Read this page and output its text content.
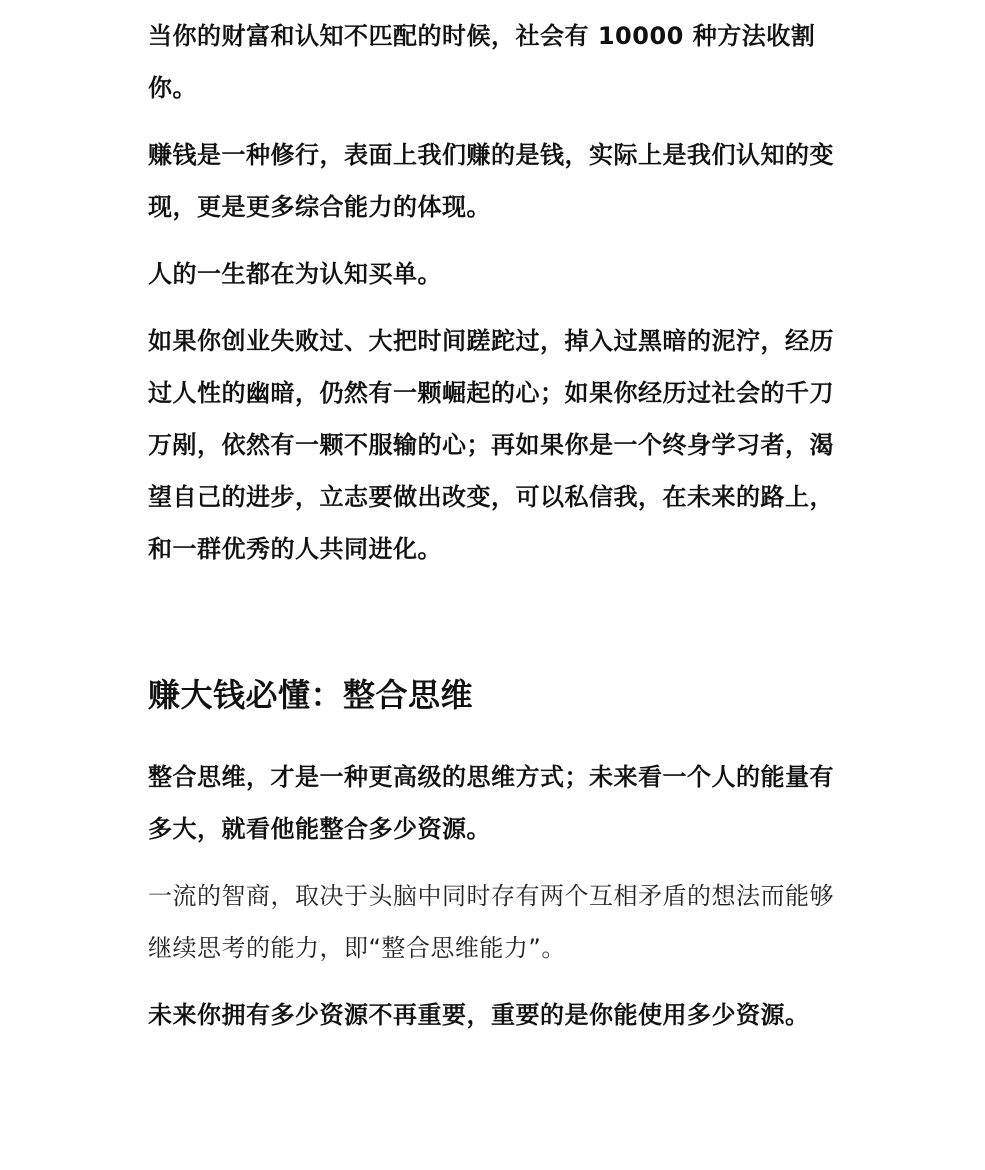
当你的财富和认知不匹配的时候，社会有 10000 种方法收割你。

赚钱是一种修行，表面上我们赚的是钱，实际上是我们认知的变现，更是更多综合能力的体现。

人的一生都在为认知买单。

如果你创业失败过、大把时间蹉跎过，掉入过黑暗的泥泞，经历过人性的幽暗，仍然有一颗崛起的心；如果你经历过社会的千刀万剐，依然有一颗不服输的心；再如果你是一个终身学习者，渴望自己的进步，立志要做出改变，可以私信我，在未来的路上，和一群优秀的人共同进化。

赚大钱必懂：整合思维

整合思维，才是一种更高级的思维方式；未来看一个人的能量有多大，就看他能整合多少资源。

一流的智商，取决于头脑中同时存有两个互相矛盾的想法而能够继续思考的能力，即“整合思维能力”。

未来你拥有多少资源不再重要，重要的是你能使用多少资源。
